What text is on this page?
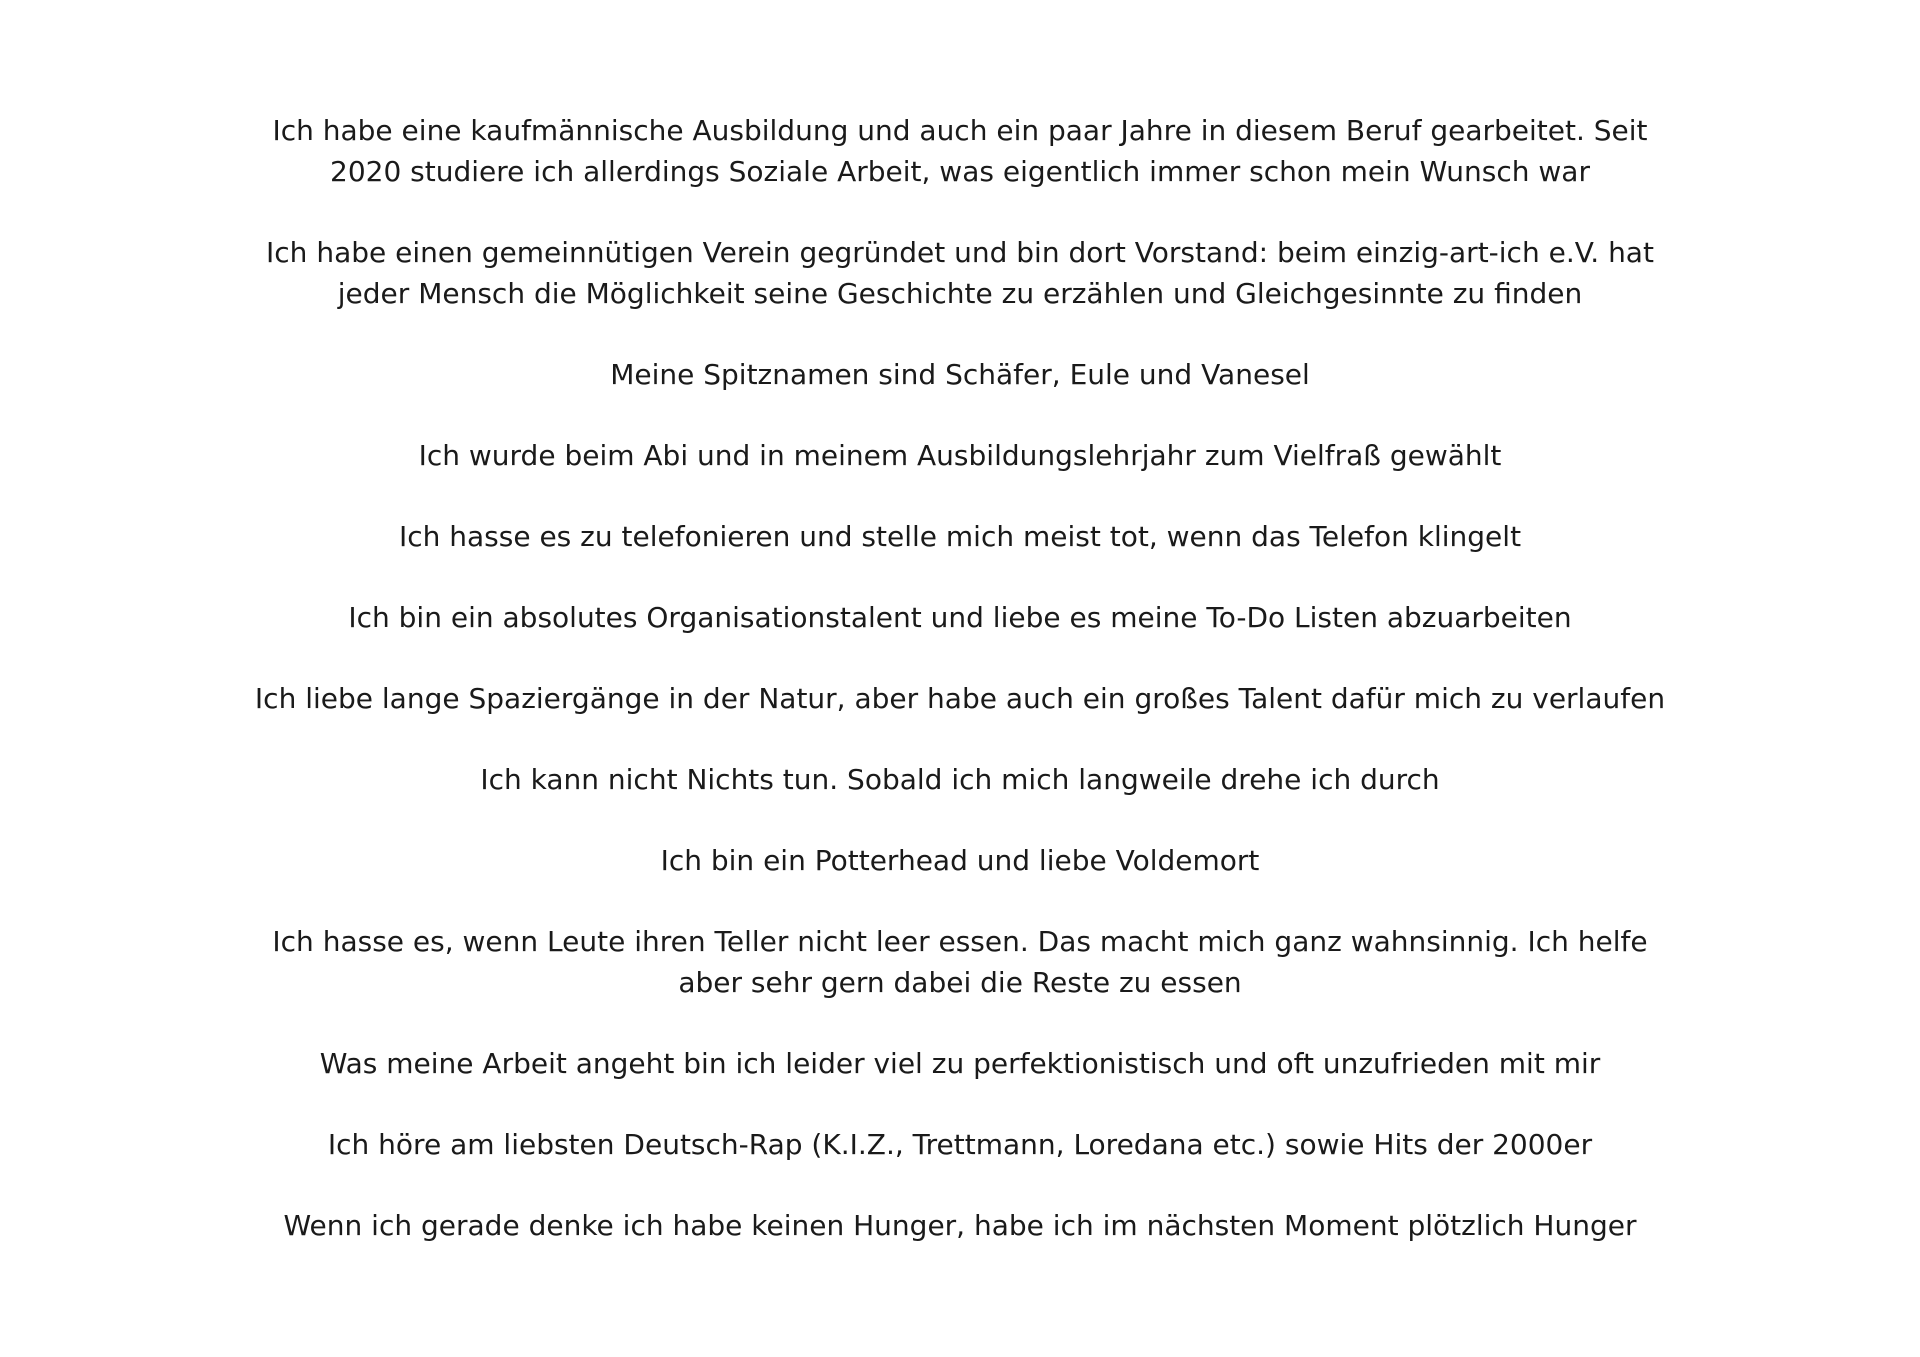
Ich habe eine kaufmännische Ausbildung und auch ein paar Jahre in diesem Beruf gearbeitet. Seit 2020 studiere ich allerdings Soziale Arbeit, was eigentlich immer schon mein Wunsch war

Ich habe einen gemeinnütigen Verein gegründet und bin dort Vorstand: beim einzig-art-ich e.V. hat jeder Mensch die Möglichkeit seine Geschichte zu erzählen und Gleichgesinnte zu finden

Meine Spitznamen sind Schäfer, Eule und Vanesel

Ich wurde beim Abi und in meinem Ausbildungslehrjahr zum Vielfraß gewählt

Ich hasse es zu telefonieren und stelle mich meist tot, wenn das Telefon klingelt

Ich bin ein absolutes Organisationstalent und liebe es meine To-Do Listen abzuarbeiten

Ich liebe lange Spaziergänge in der Natur, aber habe auch ein großes Talent dafür mich zu verlaufen

Ich kann nicht Nichts tun. Sobald ich mich langweile drehe ich durch

Ich bin ein Potterhead und liebe Voldemort

Ich hasse es, wenn Leute ihren Teller nicht leer essen. Das macht mich ganz wahnsinnig. Ich helfe aber sehr gern dabei die Reste zu essen

Was meine Arbeit angeht bin ich leider viel zu perfektionistisch und oft unzufrieden mit mir

Ich höre am liebsten Deutsch-Rap (K.I.Z., Trettmann, Loredana etc.) sowie Hits der 2000er

Wenn ich gerade denke ich habe keinen Hunger, habe ich im nächsten Moment plötzlich Hunger
